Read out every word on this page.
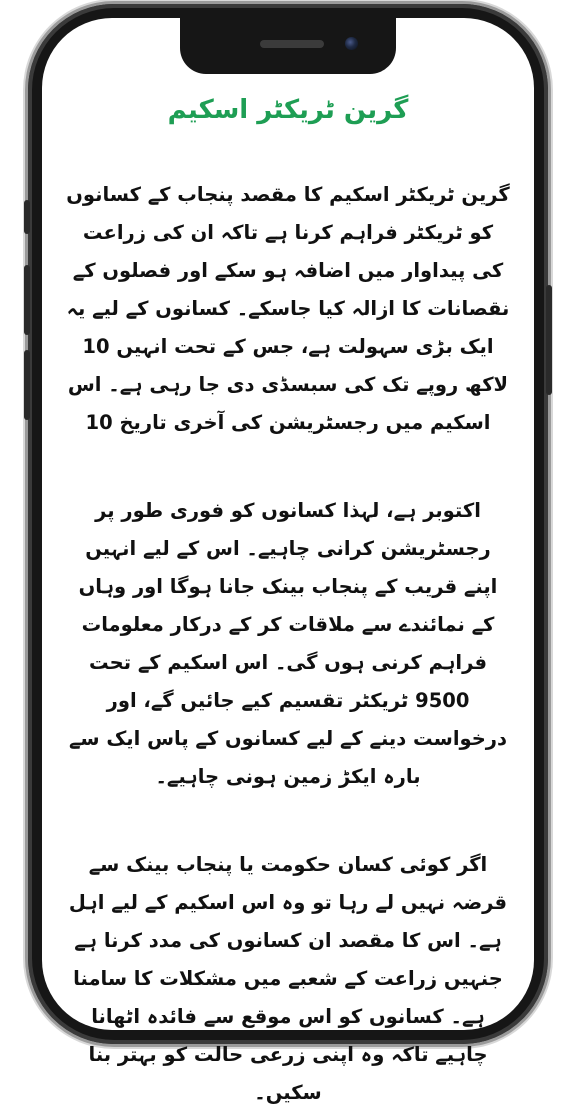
گرین ٹریکٹر اسکیم

گرین ٹریکٹر اسکیم کا مقصد پنجاب کے کسانوں کو ٹریکٹر فراہم کرنا ہے تاکہ ان کی زراعت کی پیداوار میں اضافہ ہو سکے اور فصلوں کے نقصانات کا ازالہ کیا جاسکے۔ کسانوں کے لیے یہ ایک بڑی سہولت ہے، جس کے تحت انہیں 10 لاکھ روپے تک کی سبسڈی دی جا رہی ہے۔ اس اسکیم میں رجسٹریشن کی آخری تاریخ 10

اکتوبر ہے، لہذا کسانوں کو فوری طور پر رجسٹریشن کرانی چاہیے۔ اس کے لیے انہیں اپنے قریب کے پنجاب بینک جانا ہوگا اور وہاں کے نمائندے سے ملاقات کر کے درکار معلومات فراہم کرنی ہوں گی۔ اس اسکیم کے تحت 9500 ٹریکٹر تقسیم کیے جائیں گے، اور درخواست دینے کے لیے کسانوں کے پاس ایک سے بارہ ایکڑ زمین ہونی چاہیے۔

اگر کوئی کسان حکومت یا پنجاب بینک سے قرضہ نہیں لے رہا تو وہ اس اسکیم کے لیے اہل ہے۔ اس کا مقصد ان کسانوں کی مدد کرنا ہے جنہیں زراعت کے شعبے میں مشکلات کا سامنا ہے۔ کسانوں کو اس موقع سے فائدہ اٹھانا چاہیے تاکہ وہ اپنی زرعی حالت کو بہتر بنا سکیں۔
